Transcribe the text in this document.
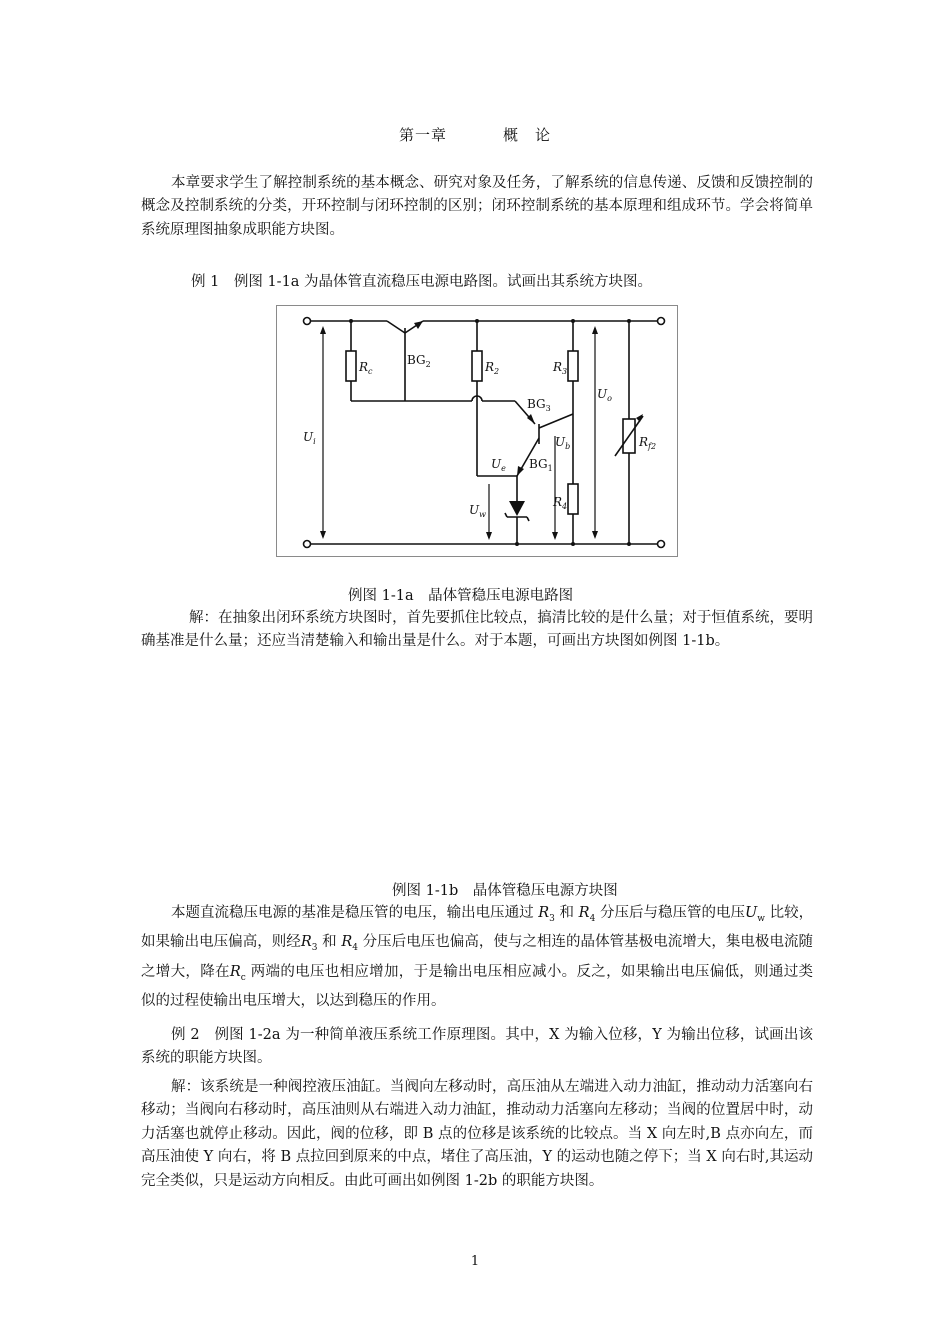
第一章	概　论
本章要求学生了解控制系统的基本概念、研究对象及任务，了解系统的信息传递、反馈和反馈控制的概念及控制系统的分类，开环控制与闭环控制的区别；闭环控制系统的基本原理和组成环节。学会将简单系统原理图抽象成职能方块图。
例 1　例图 1-1a 为晶体管直流稳压电源电路图。试画出其系统方块图。
$BG_2$
$R_c$	$R_2$	$R_3$
$R_4$
$BG_3$
$BG_1$
$U_i$
$U_o$
$U_b$
$U_e$
$U_w$
$R_{f2}$
例图 1-1a　晶体管稳压电源电路图
解：在抽象出闭环系统方块图时，首先要抓住比较点，搞清比较的是什么量；对于恒值系统，要明确基准是什么量；还应当清楚输入和输出量是什么。对于本题，可画出方块图如例图 1-1b。
例图 1-1b　晶体管稳压电源方块图
本题直流稳压电源的基准是稳压管的电压，输出电压通过 $R_3$ 和 $R_4$ 分压后与稳压管的电压$U_w$ 比较，如果输出电压偏高，则经$R_3$ 和 $R_4$ 分压后电压也偏高，使与之相连的晶体管基极电流增大，集电极电流随之增大，降在$R_c$ 两端的电压也相应增加，于是输出电压相应减小。反之，如果输出电压偏低，则通过类似的过程使输出电压增大，以达到稳压的作用。
例 2　例图 1-2a 为一种简单液压系统工作原理图。其中，X 为输入位移，Y 为输出位移，试画出该系统的职能方块图。
解：该系统是一种阀控液压油缸。当阀向左移动时，高压油从左端进入动力油缸，推动动力活塞向右移动；当阀向右移动时，高压油则从右端进入动力油缸，推动动力活塞向左移动；当阀的位置居中时，动力活塞也就停止移动。因此，阀的位移，即 B 点的位移是该系统的比较点。当 X 向左时,B 点亦向左，而高压油使 Y 向右，将 B 点拉回到原来的中点，堵住了高压油，Y 的运动也随之停下；当 X 向右时,其运动完全类似，只是运动方向相反。由此可画出如例图 1-2b 的职能方块图。
1
